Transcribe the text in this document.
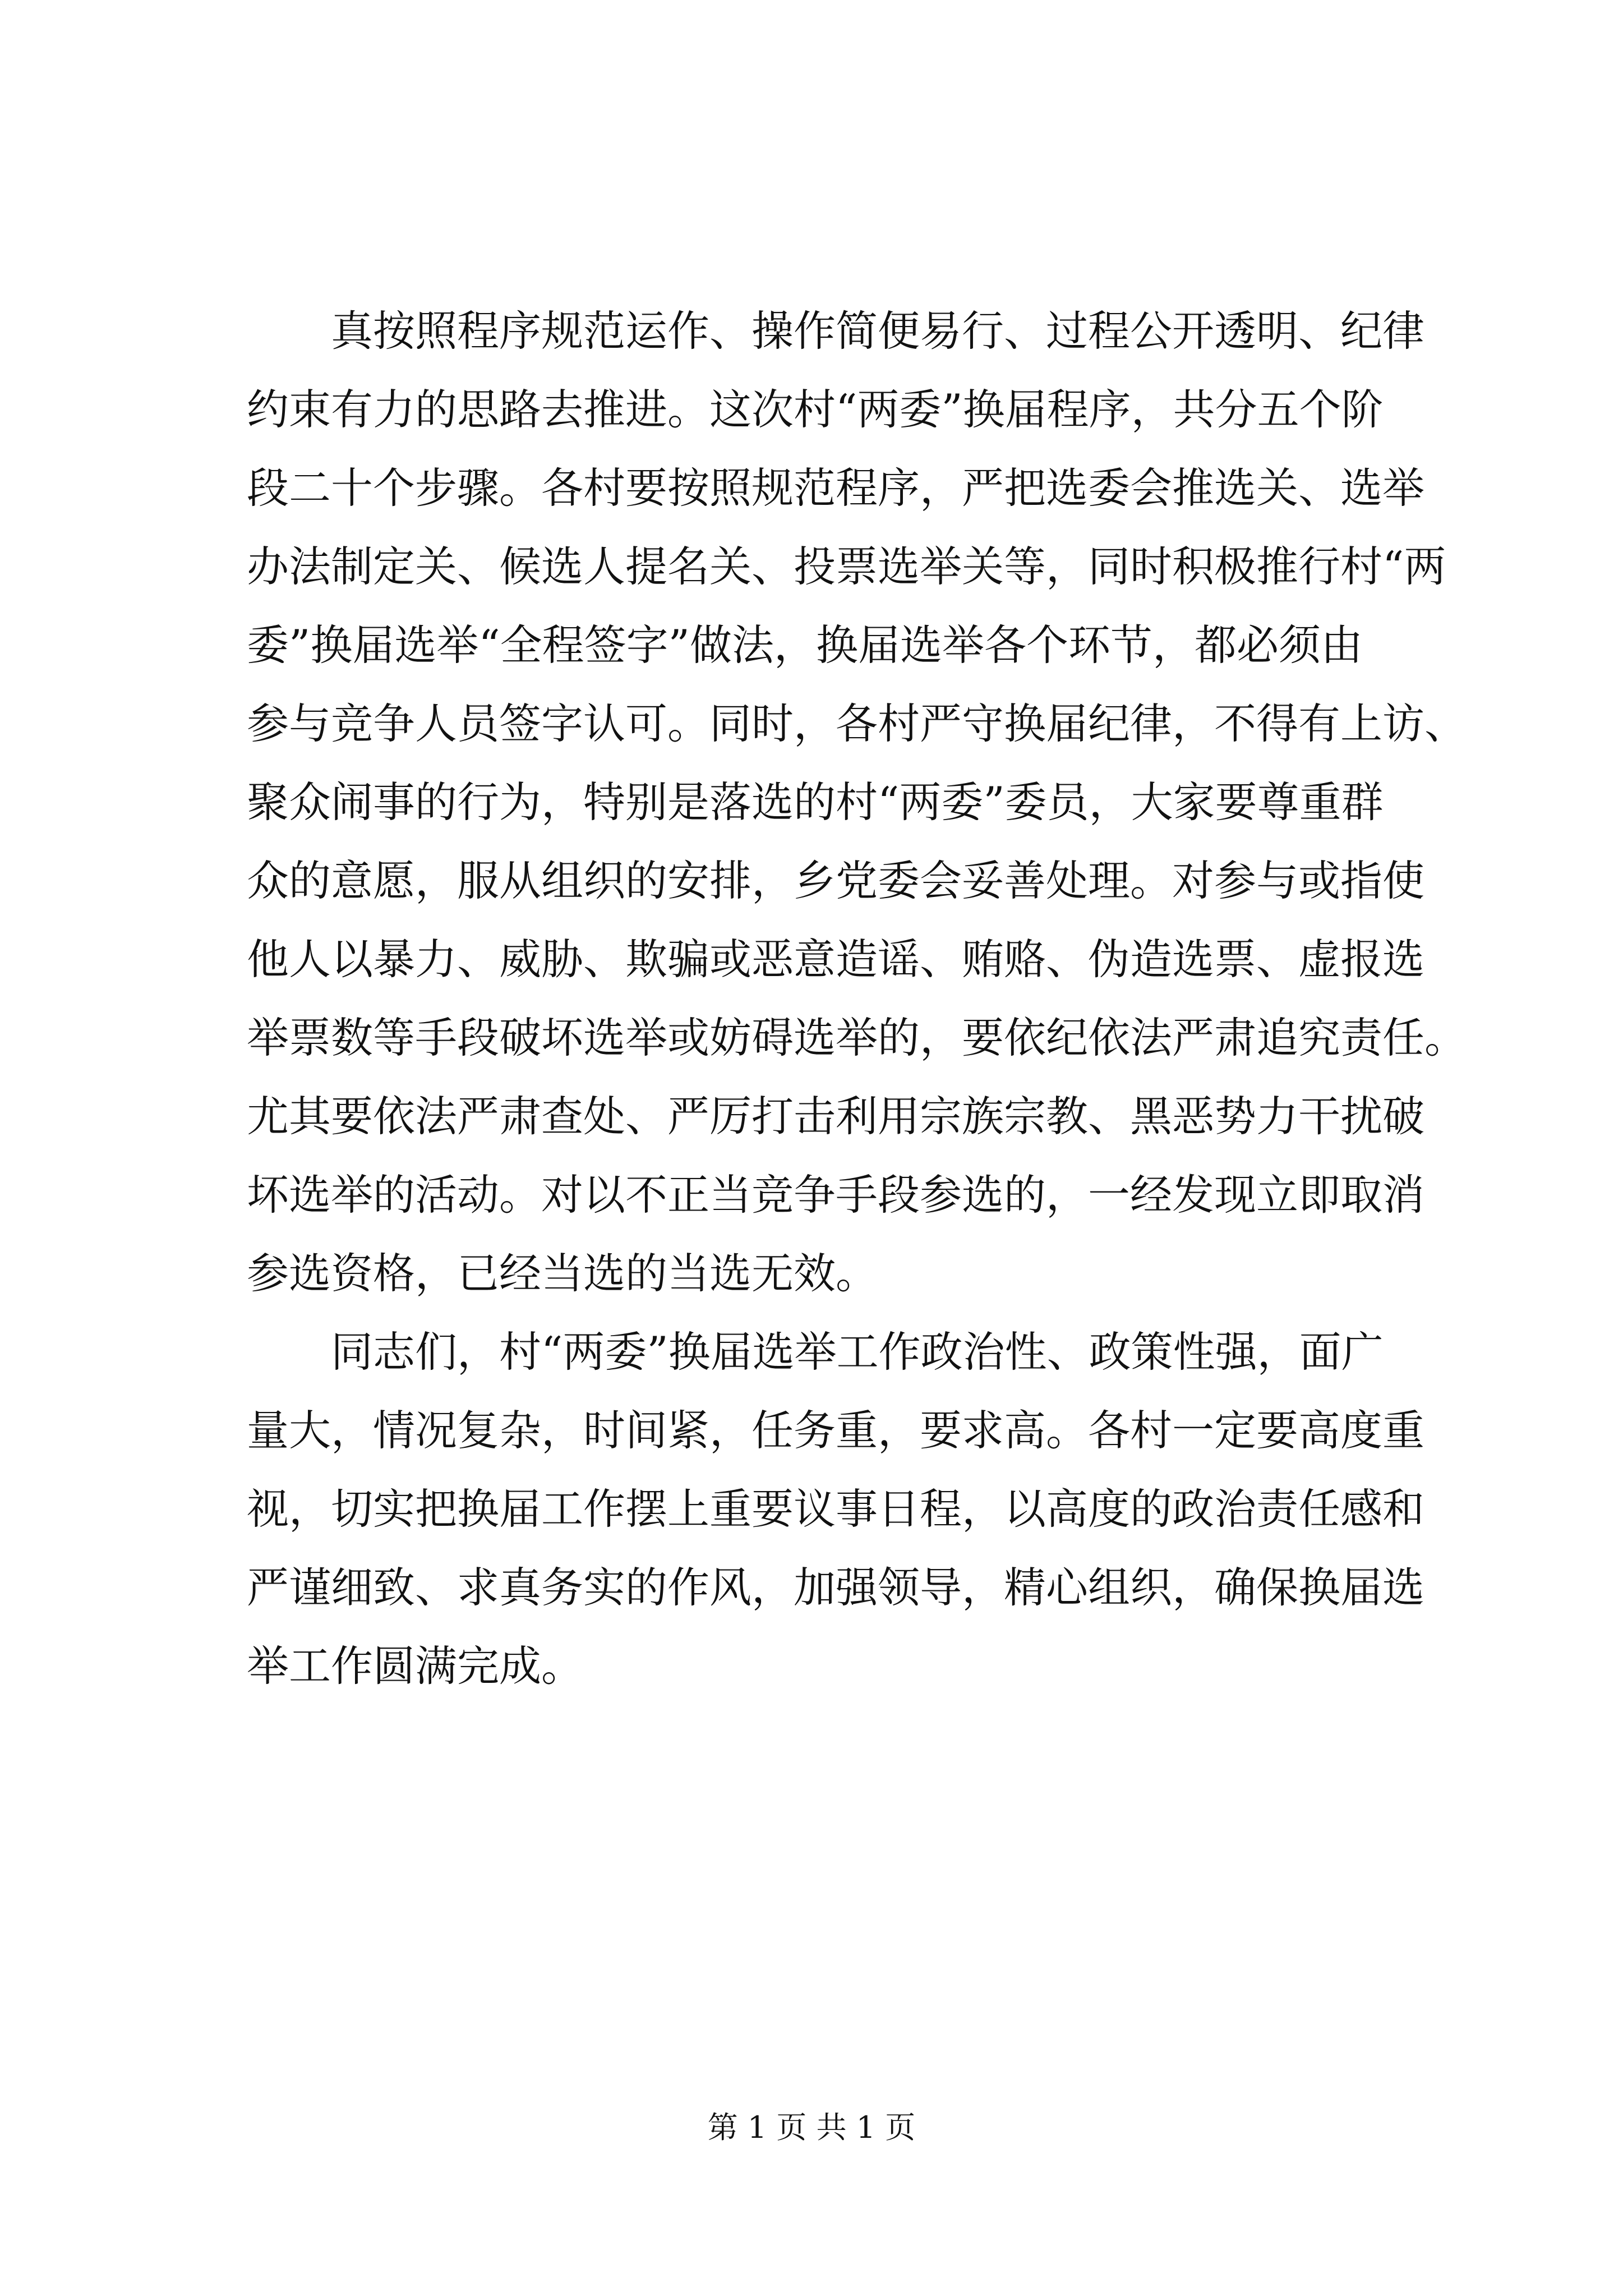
真按照程序规范运作、操作简便易行、过程公开透明、纪律
约束有力的思路去推进。这次村“两委”换届程序，共分五个阶
段二十个步骤。各村要按照规范程序，严把选委会推选关、选举
办法制定关、候选人提名关、投票选举关等，同时积极推行村“两
委”换届选举“全程签字”做法，换届选举各个环节，都必须由
参与竞争人员签字认可。同时，各村严守换届纪律，不得有上访、
聚众闹事的行为，特别是落选的村“两委”委员，大家要尊重群
众的意愿，服从组织的安排，乡党委会妥善处理。对参与或指使
他人以暴力、威胁、欺骗或恶意造谣、贿赂、伪造选票、虚报选
举票数等手段破坏选举或妨碍选举的，要依纪依法严肃追究责任。
尤其要依法严肃查处、严厉打击利用宗族宗教、黑恶势力干扰破
坏选举的活动。对以不正当竞争手段参选的，一经发现立即取消
参选资格，已经当选的当选无效。
同志们，村“两委”换届选举工作政治性、政策性强，面广
量大，情况复杂，时间紧，任务重，要求高。各村一定要高度重
视，切实把换届工作摆上重要议事日程，以高度的政治责任感和
严谨细致、求真务实的作风，加强领导，精心组织，确保换届选
举工作圆满完成。
第 1 页 共 1 页
